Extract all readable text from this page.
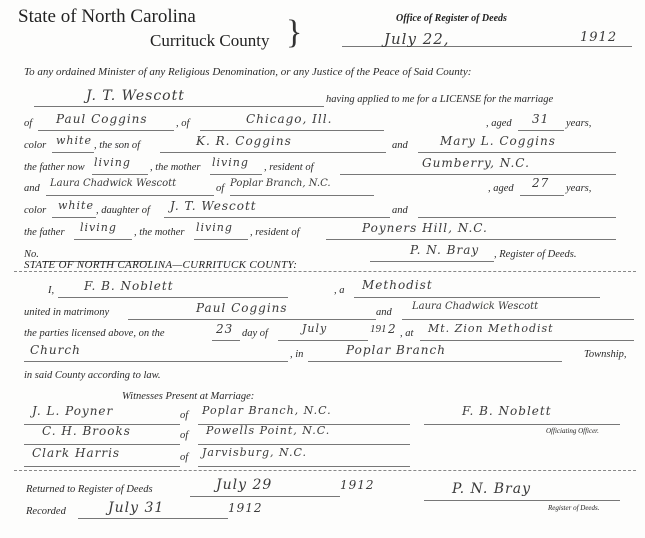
State of North Carolina
Currituck County }	Office of Register of Deeds
July 22,	1912
To any ordained Minister of any Religious Denomination, or any Justice of the Peace of Said County:
J. T. Wescott	having applied to me for a LICENSE for the marriage
of Paul Coggins	, of	Chicago, Ill.	, aged 31 years,
color white , the son of	K. R. Coggins	and	Mary L. Coggins
the father now living , the mother living , resident of	Gumberry, N.C.
and Laura Chadwick Wescott	of Poplar Branch, N.C.	, aged 27 years,
color white , daughter of J. T. Wescott	and
the father living , the mother living , resident of	Poyners Hill, N.C.
No.	P. N. Bray , Register of Deeds.
STATE OF NORTH CAROLINA—CURRITUCK COUNTY:
I, F. B. Noblett	, a Methodist
united in matrimony	Paul Coggins	and
Laura Chadwick Wescott
the parties licensed above, on the	23 day of	July	191 2 , at Mt. Zion Methodist
Church	, in	Poplar Branch	Township,
in said County according to law.
Witnesses Present at Marriage:
J. L. Poyner	of Poplar Branch, N.C.
C. H. Brooks	of Powells Point, N.C.
Clark Harris	of Jarvisburg, N.C.
F. B. Noblett
Officiating Officer.
Returned to Register of Deeds	July 29	1912
Recorded	July 31	1912
P. N. Bray
Register of Deeds.
